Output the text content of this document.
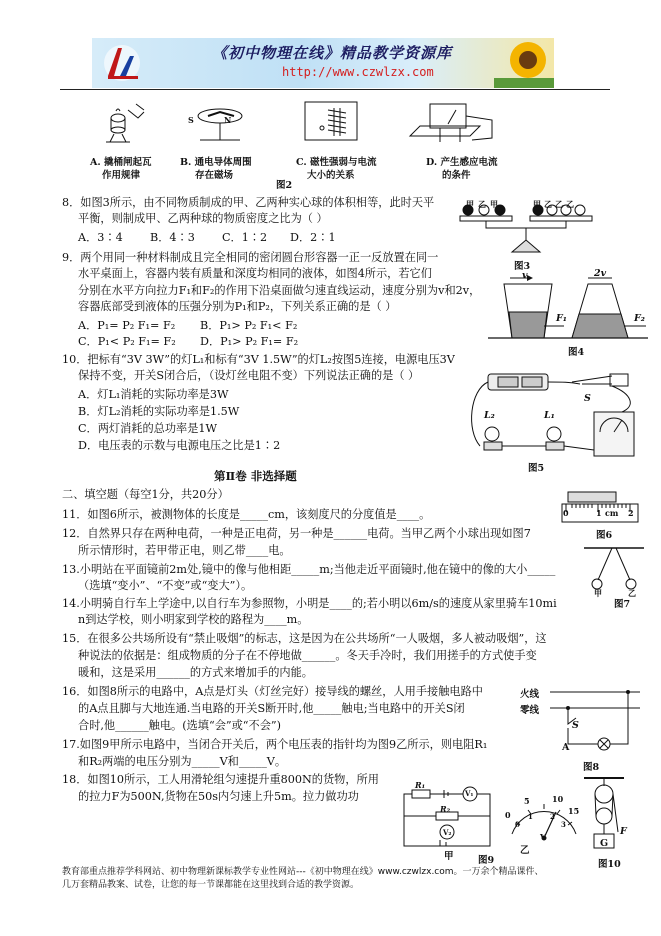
《初中物理在线》精品教学资源库
http://www.czwlzx.com
S	N
A. 撬桶闸起瓦
作用规律
B. 通电导体周围
存在磁场
C. 磁性强弱与电流
大小的关系
D. 产生感应电流
的条件
图2
8．如图3所示，由不同物质制成的甲、乙两种实心球的体积相等，此时天平
平衡，则制成甲、乙两种球的物质密度之比为（ ）
A．3∶4 B．4∶3 C．1∶2 D．2∶1
甲乙甲	甲乙乙乙
图3
9．两个用同一种材料制成且完全相同的密闭圆台形容器一正一反放置在同一
水平桌面上，容器内装有质量和深度均相同的液体，如图4所示，若它们
分别在水平方向拉力F₁和F₂的作用下沿桌面做匀速直线运动，速度分别为v和2v，
容器底部受到液体的压强分别为P₁和P₂，下列关系正确的是（ ）
A．P₁= P₂ F₁= F₂ B．P₁> P₂ F₁< F₂
C．P₁< P₂ F₁= F₂ D．P₁> P₂ F₁= F₂
v	2v
F₁	F₂
图4
10．把标有“3V 3W”的灯L₁和标有“3V 1.5W”的灯L₂按图5连接，电源电压3V
保持不变，开关S闭合后，（设灯丝电阻不变）下列说法正确的是（ ）
A．灯L₁消耗的实际功率是3W
B．灯L₂消耗的实际功率是1.5W
C．两灯消耗的总功率是1W
D．电压表的示数与电源电压之比是1∶2
S
L₁
L₂
图5
第Ⅱ卷 非选择题
二、填空题（每空1分，共20分）
11．如图6所示，被测物体的长度是_____cm，该刻度尺的分度值是____。	0	1 cm 2
图6
12．自然界只存在两种电荷，一种是正电荷，另一种是______电荷。当甲乙两个小球出现如图7
所示情形时，若甲带正电，则乙带____电。
甲	乙
图7
13.小明站在平面镜前2m处,镜中的像与他相距_____m;当他走近平面镜时,他在镜中的像的大小_____
（选填“变小”、“不变”或“变大”）。
14.小明骑自行车上学途中,以自行车为参照物，小明是____的;若小明以6m/s的速度从家里骑车10mi
n到达学校，则小明家到学校的路程为____m。
15．在很多公共场所设有“禁止吸烟”的标志，这是因为在公共场所“一人吸烟，多人被动吸烟”，这
种说法的依据是：组成物质的分子在不停地做______。冬天手冷时，我们用搓手的方式使手变
暖和，这是采用______的方式来增加手的内能。
16．如图8所示的电路中，A点是灯头（灯丝完好）接导线的螺丝，人用手接触电路中
的A点且脚与大地连通.当电路的开关S断开时,他_____触电;当电路中的开关S闭
合时,他______触电。(选填“会”或“不会”)
火线
零线
S
A
图8
17.如图9甲所示电路中，当闭合开关后，两个电压表的指针均为图9乙所示，则电阻R₁
和R₂两端的电压分别为_____V和_____V。
18．如图10所示，工人用滑轮组匀速提升重800N的货物，所用
的拉力F为500N,货物在50s内匀速上升5m。拉力做功功
R₁
R₂
V₁
V₂
甲
0
5	10
15
0
1 2
3
V
乙
图9
F
G
图10
教育部重点推荐学科网站、初中物理新课标教学专业性网站---《初中物理在线》www.czwlzx.com。一万余个精品课件、
几万套精品教案、试卷，让您的每一节课都能在这里找到合适的教学资源。
